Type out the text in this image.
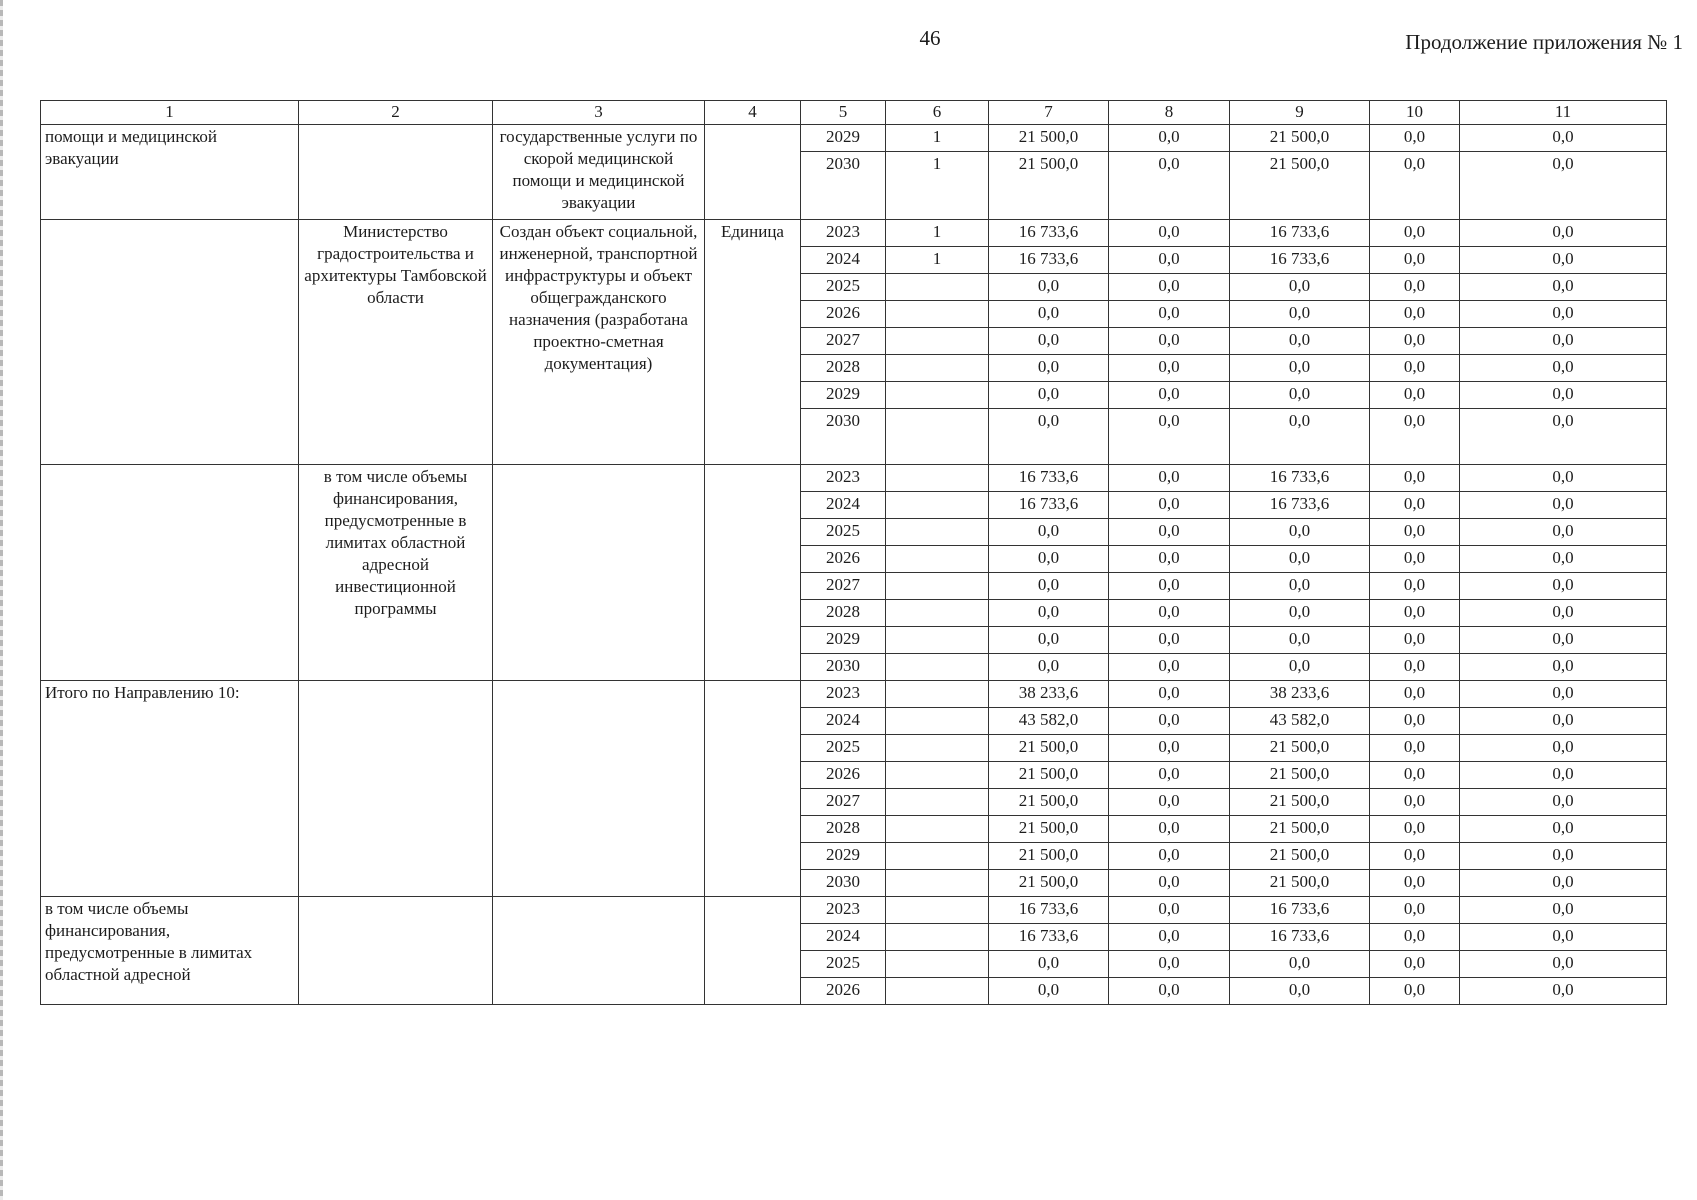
46	Продолжение приложения № 1
1	2	3	4	5	6	7	8	9	10	11
помощи и медицинской эвакуации		государственные услуги по скорой медицинской помощи и медицинской эвакуации		2029	1	21 500,0	0,0	21 500,0	0,0	0,0
				2030	1	21 500,0	0,0	21 500,0	0,0	0,0
	Министерство градостроительства и архитектуры Тамбовской области	Создан объект социальной, инженерной, транспортной инфраструктуры и объект общегражданского назначения (разработана проектно-сметная документация)	Единица	2023	1	16 733,6	0,0	16 733,6	0,0	0,0
				2024	1	16 733,6	0,0	16 733,6	0,0	0,0
				2025		0,0	0,0	0,0	0,0	0,0
				2026		0,0	0,0	0,0	0,0	0,0
				2027		0,0	0,0	0,0	0,0	0,0
				2028		0,0	0,0	0,0	0,0	0,0
				2029		0,0	0,0	0,0	0,0	0,0
				2030		0,0	0,0	0,0	0,0	0,0
	в том числе объемы финансирования, предусмотренные в лимитах областной адресной инвестиционной программы			2023		16 733,6	0,0	16 733,6	0,0	0,0
				2024		16 733,6	0,0	16 733,6	0,0	0,0
				2025		0,0	0,0	0,0	0,0	0,0
				2026		0,0	0,0	0,0	0,0	0,0
				2027		0,0	0,0	0,0	0,0	0,0
				2028		0,0	0,0	0,0	0,0	0,0
				2029		0,0	0,0	0,0	0,0	0,0
				2030		0,0	0,0	0,0	0,0	0,0
Итого по Направлению 10:				2023		38 233,6	0,0	38 233,6	0,0	0,0
				2024		43 582,0	0,0	43 582,0	0,0	0,0
				2025		21 500,0	0,0	21 500,0	0,0	0,0
				2026		21 500,0	0,0	21 500,0	0,0	0,0
				2027		21 500,0	0,0	21 500,0	0,0	0,0
				2028		21 500,0	0,0	21 500,0	0,0	0,0
				2029		21 500,0	0,0	21 500,0	0,0	0,0
				2030		21 500,0	0,0	21 500,0	0,0	0,0
в том числе объемы финансирования, предусмотренные в лимитах областной адресной				2023		16 733,6	0,0	16 733,6	0,0	0,0
				2024		16 733,6	0,0	16 733,6	0,0	0,0
				2025		0,0	0,0	0,0	0,0	0,0
				2026		0,0	0,0	0,0	0,0	0,0
